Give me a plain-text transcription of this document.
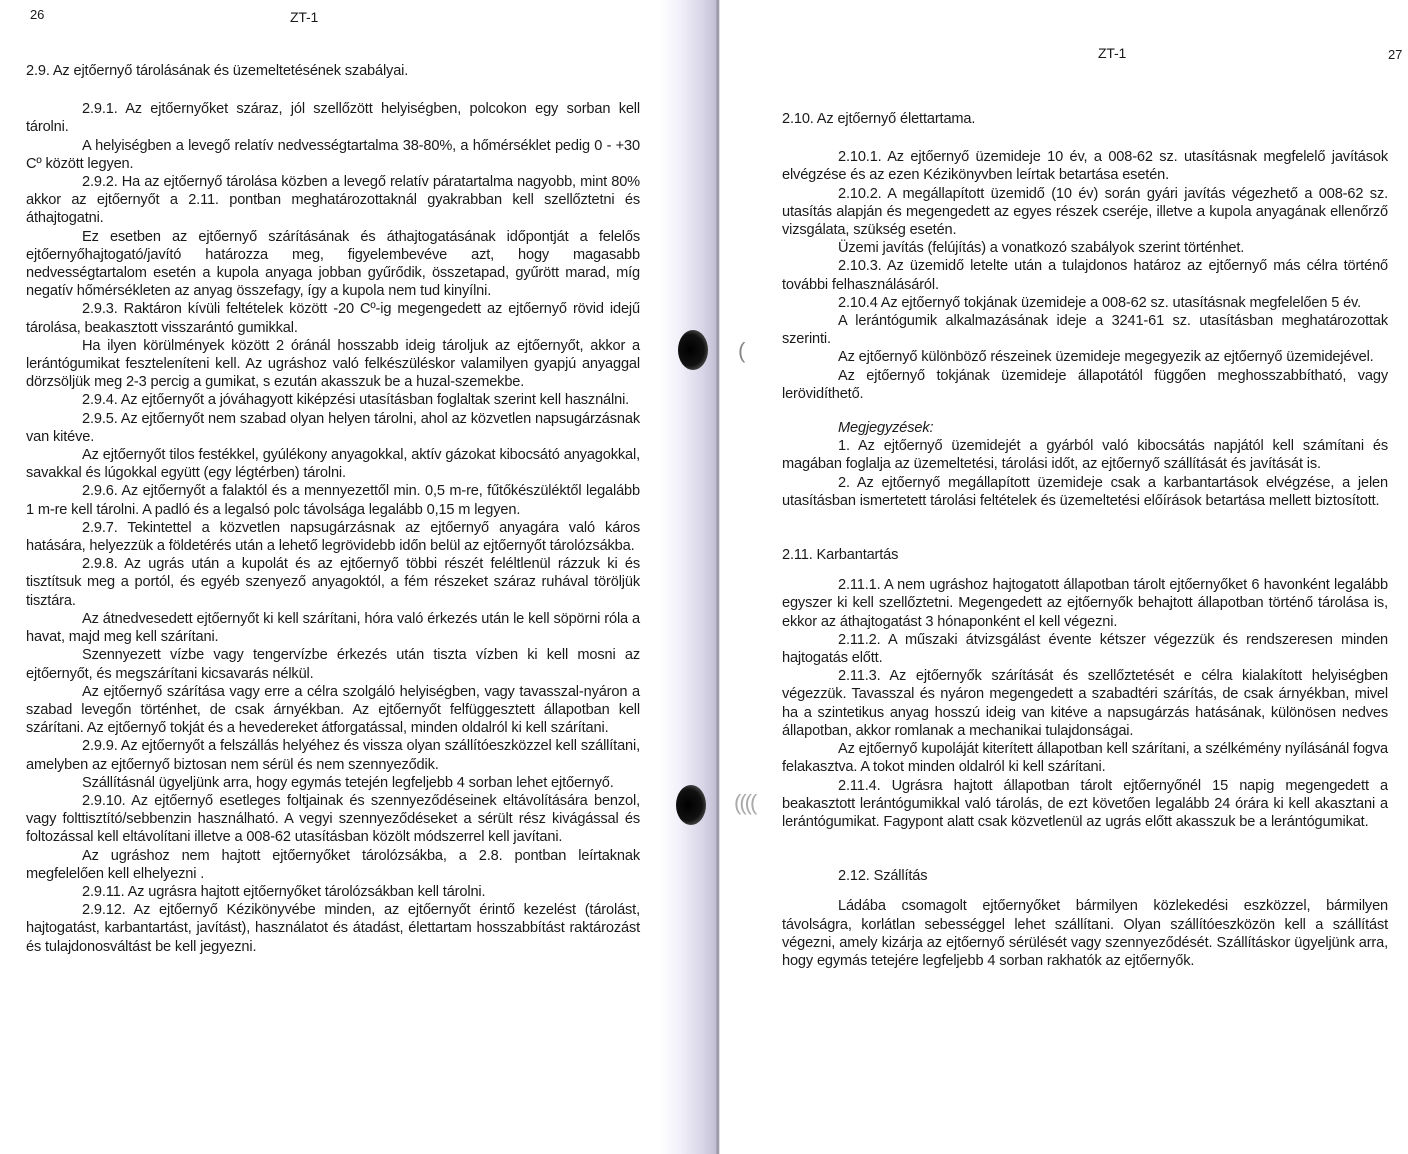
(
((((
26	ZT-1
2.9. Az ejtőernyő tárolásának és üzemeltetésének szabályai.

2.9.1. Az ejtőernyőket száraz, jól szellőzött helyiségben, polcokon egy sorban kell tárolni.

A helyiségben a levegő relatív nedvességtartalma 38-80%, a hőmérséklet pedig 0 - +30 Cº között legyen.

2.9.2. Ha az ejtőernyő tárolása közben a levegő relatív páratartalma nagyobb, mint 80% akkor az ejtőernyőt a 2.11. pontban meghatározottaknál gyakrabban kell szellőztetni és áthajtogatni.

Ez esetben az ejtőernyő szárításának és áthajtogatásának időpontját a felelős ejtőernyőhajtogató/javító határozza meg, figyelembevéve azt, hogy magasabb nedvességtartalom esetén a kupola anyaga jobban gyűrődik, összetapad, gyűrött marad, míg negatív hőmérsékleten az anyag összefagy, így a kupola nem tud kinyílni.

2.9.3. Raktáron kívüli feltételek között -20 Cº-ig megengedett az ejtőernyő rövid idejű tárolása, beakasztott visszarántó gumikkal.

Ha ilyen körülmények között 2 óránál hosszabb ideig tároljuk az ejtőernyőt, akkor a lerántógumikat feszteleníteni kell. Az ugráshoz való felkészüléskor valamilyen gyapjú anyaggal dörzsöljük meg 2-3 percig a gumikat, s ezután akasszuk be a huzal-szemekbe.

2.9.4. Az ejtőernyőt a jóváhagyott kiképzési utasításban foglaltak szerint kell használni.

2.9.5. Az ejtőernyőt nem szabad olyan helyen tárolni, ahol az közvetlen napsugárzásnak van kitéve.

Az ejtőernyőt tilos festékkel, gyúlékony anyagokkal, aktív gázokat kibocsátó anyagokkal, savakkal és lúgokkal együtt (egy légtérben) tárolni.

2.9.6. Az ejtőernyőt a falaktól és a mennyezettől min. 0,5 m-re, fűtőkészüléktől legalább 1 m-re kell tárolni. A padló és a legalsó polc távolsága legalább 0,15 m legyen.

2.9.7. Tekintettel a közvetlen napsugárzásnak az ejtőernyő anyagára való káros hatására, helyezzük a földetérés után a lehető legrövidebb időn belül az ejtőernyőt tárolózsákba.

2.9.8. Az ugrás után a kupolát és az ejtőernyő többi részét feléltlenül rázzuk ki és tisztítsuk meg a portól, és egyéb szenyező anyagoktól, a fém részeket száraz ruhával töröljük tisztára.

Az átnedvesedett ejtőernyőt ki kell szárítani, hóra való érkezés után le kell söpörni róla a havat, majd meg kell szárítani.

Szennyezett vízbe vagy tengervízbe érkezés után tiszta vízben ki kell mosni az ejtőernyőt, és megszárítani kicsavarás nélkül.

Az ejtőernyő szárítása vagy erre a célra szolgáló helyiségben, vagy tavasszal-nyáron a szabad levegőn történhet, de csak árnyékban. Az ejtőernyőt felfüggesztett állapotban kell szárítani. Az ejtőernyő tokját és a hevedereket átforgatással, minden oldalról ki kell szárítani.

2.9.9. Az ejtőernyőt a felszállás helyéhez és vissza olyan szállítóeszközzel kell szállítani, amelyben az ejtőernyő biztosan nem sérül és nem szennyeződik.

Szállításnál ügyeljünk arra, hogy egymás tetején legfeljebb 4 sorban lehet ejtőernyő.

2.9.10. Az ejtőernyő esetleges foltjainak és szennyeződéseinek eltávolítására benzol, vagy folttisztító/sebbenzin használható. A vegyi szennyeződéseket a sérült rész kivágással és foltozással kell eltávolítani illetve a 008-62 utasításban közölt módszerrel kell javítani.

Az ugráshoz nem hajtott ejtőernyőket tárolózsákba, a 2.8. pontban leírtaknak megfelelően kell elhelyezni .

2.9.11. Az ugrásra hajtott ejtőernyőket tárolózsákban kell tárolni.

2.9.12. Az ejtőernyő Kézikönyvébe minden, az ejtőernyőt érintő kezelést (tárolást, hajtogatást, karbantartást, javítást), használatot és átadást, élettartam hosszabbítást raktározást és tulajdonosváltást be kell jegyezni.

ZT-1	27
2.10. Az ejtőernyő élettartama.

2.10.1. Az ejtőernyő üzemideje 10 év, a 008-62 sz. utasításnak megfelelő javítások elvégzése és az ezen Kézikönyvben leírtak betartása esetén.

2.10.2. A megállapított üzemidő (10 év) során gyári javítás végezhető a 008-62 sz. utasítás alapján és megengedett az egyes részek cseréje, illetve a kupola anyagának ellenőrző vizsgálata, szükség esetén.

Üzemi javítás (felújítás) a vonatkozó szabályok szerint történhet.

2.10.3. Az üzemidő letelte után a tulajdonos határoz az ejtőernyő más célra történő további felhasználásáról.

2.10.4 Az ejtőernyő tokjának üzemideje a 008-62 sz. utasításnak megfelelően 5 év.

A lerántógumik alkalmazásának ideje a 3241-61 sz. utasításban meghatározottak szerinti.

Az ejtőernyő különböző részeinek üzemideje megegyezik az ejtőernyő üzemidejével.

Az ejtőernyő tokjának üzemideje állapotától függően meghosszabbítható, vagy lerövidíthető.

Megjegyzések:

1. Az ejtőernyő üzemidejét a gyárból való kibocsátás napjától kell számítani és magában foglalja az üzemeltetési, tárolási időt, az ejtőernyő szállítását és javítását is.

2. Az ejtőernyő megállapított üzemideje csak a karbantartások elvégzése, a jelen utasításban ismertetett tárolási feltételek és üzemeltetési előírások betartása mellett biztosított.

2.11. Karbantartás

2.11.1. A nem ugráshoz hajtogatott állapotban tárolt ejtőernyőket 6 havonként legalább egyszer ki kell szellőztetni. Megengedett az ejtőernyők behajtott állapotban történő tárolása is, ekkor az áthajtogatást 3 hónaponként el kell végezni.

2.11.2. A műszaki átvizsgálást évente kétszer végezzük és rendszeresen minden hajtogatás előtt.

2.11.3. Az ejtőernyők szárítását és szellőztetését e célra kialakított helyiségben végezzük. Tavasszal és nyáron megengedett a szabadtéri szárítás, de csak árnyékban, mivel ha a szintetikus anyag hosszú ideig van kitéve a napsugárzás hatásának, különösen nedves állapotban, akkor romlanak a mechanikai tulajdonságai.

Az ejtőernyő kupoláját kiterített állapotban kell szárítani, a szélkémény nyílásánál fogva felakasztva. A tokot minden oldalról ki kell szárítani.

2.11.4. Ugrásra hajtott állapotban tárolt ejtőernyőnél 15 napig megengedett a beakasztott lerántógumikkal való tárolás, de ezt követően legalább 24 órára ki kell akasztani a lerántógumikat. Fagypont alatt csak közvetlenül az ugrás előtt akasszuk be a lerántógumikat.

2.12. Szállítás

Ládába csomagolt ejtőernyőket bármilyen közlekedési eszközzel, bármilyen távolságra, korlátlan sebességgel lehet szállítani. Olyan szállítóeszközön kell a szállítást végezni, amely kizárja az ejtőernyő sérülését vagy szennyeződését. Szállításkor ügyeljünk arra, hogy egymás tetejére legfeljebb 4 sorban rakhatók az ejtőernyők.
